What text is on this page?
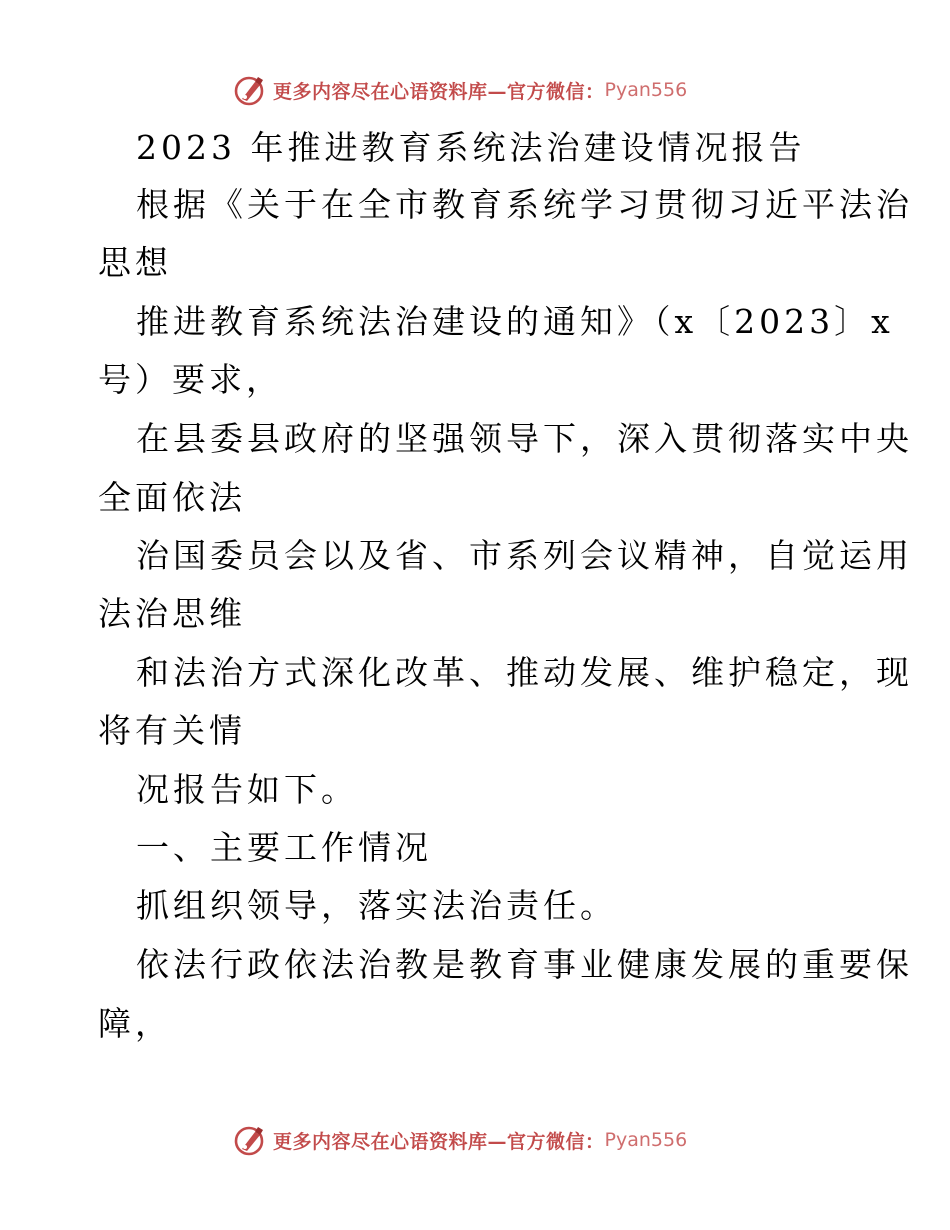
更多内容尽在心语资料库—官方微信： Pyan556
2023 年推进教育系统法治建设情况报告
根据《关于在全市教育系统学习贯彻习近平法治
思想
推进教育系统法治建设的通知》（x〔2023〕x
号）要求，
在县委县政府的坚强领导下，深入贯彻落实中央
全面依法
治国委员会以及省、市系列会议精神，自觉运用
法治思维
和法治方式深化改革、推动发展、维护稳定，现
将有关情
况报告如下。
一、主要工作情况
抓组织领导，落实法治责任。
依法行政依法治教是教育事业健康发展的重要保
障，
更多内容尽在心语资料库—官方微信： Pyan556
